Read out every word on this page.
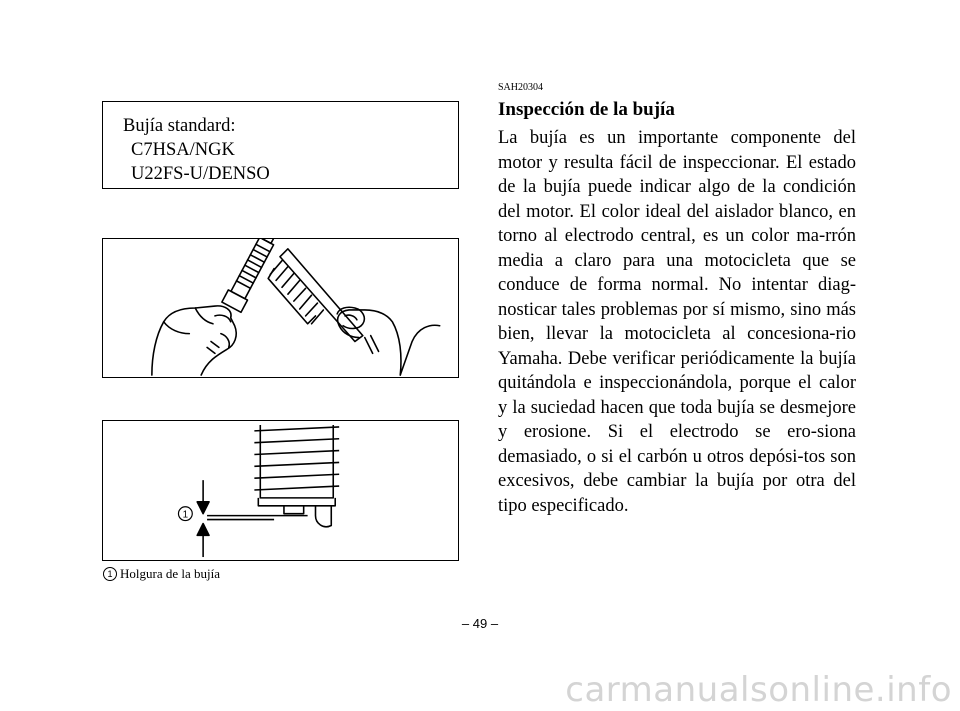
Bujía standard:
C7HSA/NGK
U22FS-U/DENSO
1
1 Holgura de la bujía
SAH20304
Inspección de la bujía
La bujía es un importante componente del motor y resulta fácil de inspeccionar. El estado de la bujía puede indicar algo de la condición del motor. El color ideal del aislador blanco, en torno al electrodo central, es un color ma-rrón media a claro para una motocicleta que se conduce de forma normal. No intentar diag-nosticar tales problemas por sí mismo, sino más bien, llevar la motocicleta al concesiona-rio Yamaha. Debe verificar periódicamente la bujía quitándola e inspeccionándola, porque el calor y la suciedad hacen que toda bujía se desmejore y erosione. Si el electrodo se ero-siona demasiado, o si el carbón u otros depósi-tos son excesivos, debe cambiar la bujía por otra del tipo especificado.
– 49 –
carmanualsonline.info
